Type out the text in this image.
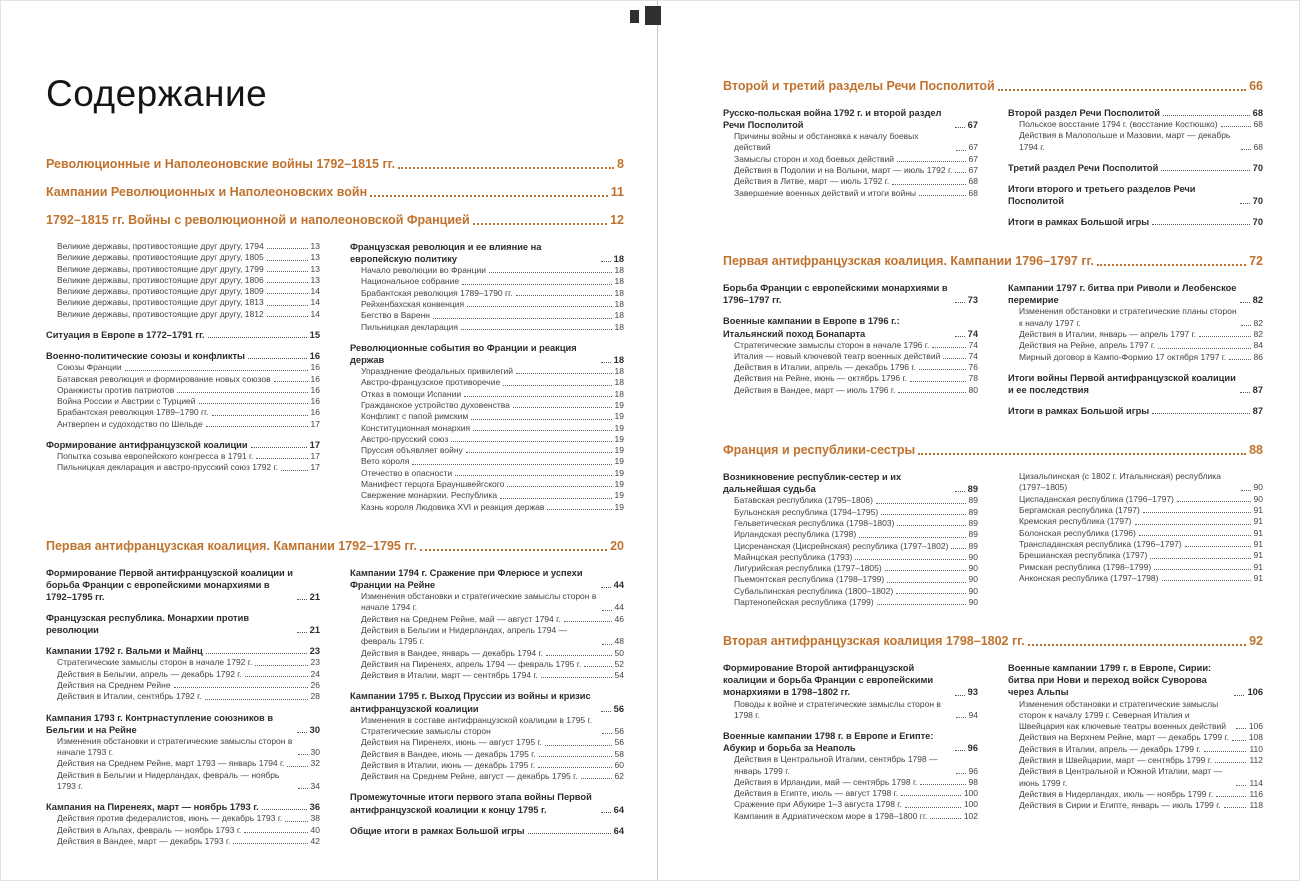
Содержание
Революционные и Наполеоновские войны 1792–1815 гг.	8
Кампании Революционных и Наполеоновских войн	11
1792–1815 гг. Войны с революционной и наполеоновской Францией	12
Великие державы, противостоящие друг другу, 1794	13
Великие державы, противостоящие друг другу, 1805	13
Великие державы, противостоящие друг другу, 1799	13
Великие державы, противостоящие друг другу, 1806	13
Великие державы, противостоящие друг другу, 1809	14
Великие державы, противостоящие друг другу, 1813	14
Великие державы, противостоящие друг другу, 1812	14
Ситуация в Европе в 1772–1791 гг.	15
Военно-политические союзы и конфликты	16
Союзы Франции	16
Батавская революция и формирование новых союзов	16
Оранжисты против патриотов	16
Война России и Австрии с Турцией	16
Брабантская революция 1789–1790 гг.	16
Антверпен и судоходство по Шельде	17
Формирование антифранцузской коалиции	17
Попытка созыва европейского конгресса в 1791 г.	17
Пильницкая декларация и австро-прусский союз 1792 г.	17
Французская революция и ее влияние на европейскую политику	18
Начало революции во Франции	18
Национальное собрание	18
Брабантская революция 1789–1790 гг.	18
Рейхенбахская конвенция	18
Бегство в Варенн	18
Пильницкая декларация	18
Революционные события во Франции и реакция держав	18
Упразднение феодальных привилегий	18
Австро-французское противоречие	18
Отказ в помощи Испании	18
Гражданское устройство духовенства	19
Конфликт с папой римским	19
Конституционная монархия	19
Австро-прусский союз	19
Пруссия объявляет войну	19
Вето короля	19
Отечество в опасности	19
Манифест герцога Брауншвейгского	19
Свержение монархии. Республика	19
Казнь короля Людовика XVI и реакция держав	19
Первая антифранцузская коалиция. Кампании 1792–1795 гг.	20
Формирование Первой антифранцузской коалиции и борьба Франции с европейскими монархиями в 1792–1795 гг.	21
Французская республика. Монархии против революции	21
Кампании 1792 г. Вальми и Майнц	23
Стратегические замыслы сторон в начале 1792 г.	23
Действия в Бельгии, апрель — декабрь 1792 г.	24
Действия на Среднем Рейне	26
Действия в Италии, сентябрь 1792 г.	28
Кампания 1793 г. Контрнаступление союзников в Бельгии и на Рейне	30
Изменения обстановки и стратегические замыслы сторон в начале 1793 г.	30
Действия на Среднем Рейне, март 1793 — январь 1794 г.	32
Действия в Бельгии и Нидерландах, февраль — ноябрь 1793 г.	34
Кампания на Пиренеях, март — ноябрь 1793 г.	36
Действия против федералистов, июнь — декабрь 1793 г.	38
Действия в Альпах, февраль — ноябрь 1793 г.	40
Действия в Вандее, март — декабрь 1793 г.	42
Кампании 1794 г. Сражение при Флерюсе и успехи Франции на Рейне	44
Изменения обстановки и стратегические замыслы сторон в начале 1794 г.	44
Действия на Среднем Рейне, май — август 1794 г.	46
Действия в Бельгии и Нидерландах, апрель 1794 — февраль 1795 г.	48
Действия в Вандее, январь — декабрь 1794 г.	50
Действия на Пиренеях, апрель 1794 — февраль 1795 г.	52
Действия в Италии, март — сентябрь 1794 г.	54
Кампании 1795 г. Выход Пруссии из войны и кризис антифранцузской коалиции	56
Изменения в составе антифранцузской коалиции в 1795 г. Стратегические замыслы сторон	56
Действия на Пиренеях, июнь — август 1795 г.	56
Действия в Вандее, июнь — декабрь 1795 г.	58
Действия в Италии, июнь — декабрь 1795 г.	60
Действия на Среднем Рейне, август — декабрь 1795 г.	62
Промежуточные итоги первого этапа войны Первой антифранцузской коалиции к концу 1795 г.	64
Общие итоги в рамках Большой игры	64
Второй и третий разделы Речи Посполитой	66
Русско-польская война 1792 г. и второй раздел Речи Посполитой	67
Причины войны и обстановка к началу боевых действий	67
Замыслы сторон и ход боевых действий	67
Действия в Подолии и на Волыни, март — июль 1792 г. 67
Действия в Литве, март — июль 1792 г.	68
Завершение военных действий и итоги войны	68
Второй раздел Речи Посполитой	68
Польское восстание 1794 г. (восстание Костюшко)	68
Действия в Малопольше и Мазовии, март — декабрь 1794 г.	68
Третий раздел Речи Посполитой	70
Итоги второго и третьего разделов Речи Посполитой	70
Итоги в рамках Большой игры	70
Первая антифранцузская коалиция. Кампании 1796–1797 гг.	72
Борьба Франции с европейскими монархиями в 1796–1797 гг.	73
Военные кампании в Европе в 1796 г.: Итальянский поход Бонапарта	74
Стратегические замыслы сторон в начале 1796 г.	74
Италия — новый ключевой театр военных действий	74
Действия в Италии, апрель — декабрь 1796 г.	76
Действия на Рейне, июнь — октябрь 1796 г.	78
Действия в Вандее, март — июль 1796 г.	80
Кампании 1797 г. битва при Риволи и Леобенское перемирие	82
Изменения обстановки и стратегические планы сторон к началу 1797 г.	82
Действия в Италии, январь — апрель 1797 г.	82
Действия на Рейне, апрель 1797 г.	84
Мирный договор в Кампо-Формио 17 октября 1797 г.	86
Итоги войны Первой антифранцузской коалиции и ее последствия	87
Итоги в рамках Большой игры	87
Франция и республики-сестры	88
Возникновение республик-сестер и их дальнейшая судьба	89
Батавская республика (1795–1806)	89
Бульонская республика (1794–1795)	89
Гельветическая республика (1798–1803)	89
Ирландская республика (1798)	89
Цисренанская (Цисрейнская) республика (1797–1802) 89
Майнцская республика (1793)	90
Лигурийская республика (1797–1805)	90
Пьемонтская республика (1798–1799)	90
Субальпинская республика (1800–1802)	90
Партенопейская республика (1799)	90
Цизальпинская (с 1802 г. Итальянская) республика (1797–1805)	90
Циспаданская республика (1796–1797)	90
Бергамская республика (1797)	91
Кремская республика (1797)	91
Болонская республика (1796)	91
Транспаданская республика (1796–1797)	91
Брешианская республика (1797)	91
Римская республика (1798–1799)	91
Анконская республика (1797–1798)	91
Вторая антифранцузская коалиция 1798–1802 гг.	92
Формирование Второй антифранцузской коалиции и борьба Франции с европейскими монархиями в 1798–1802 гг.	93
Поводы к войне и стратегические замыслы сторон в 1798 г.	94
Военные кампании 1798 г. в Европе и Египте: Абукир и борьба за Неаполь	96
Действия в Центральной Италии, сентябрь 1798 — январь 1799 г.	96
Действия в Ирландии, май — сентябрь 1798 г.	98
Действия в Египте, июль — август 1798 г.	100
Сражение при Абукире 1–3 августа 1798 г.	100
Кампания в Адриатическом море в 1798–1800 гг.	102
Военные кампании 1799 г. в Европе, Сирии: битва при Нови и переход войск Суворова через Альпы	106
Изменения обстановки и стратегические замыслы сторон к началу 1799 г. Северная Италия и Швейцария как ключевые театры военных действий	106
Действия на Верхнем Рейне, март — декабрь 1799 г. 108
Действия в Италии, апрель — декабрь 1799 г.	110
Действия в Швейцарии, март — сентябрь 1799 г.	112
Действия в Центральной и Южной Италии, март — июнь 1799 г.	114
Действия в Нидерландах, июль — ноябрь 1799 г.	116
Действия в Сирии и Египте, январь — июль 1799 г.	118
